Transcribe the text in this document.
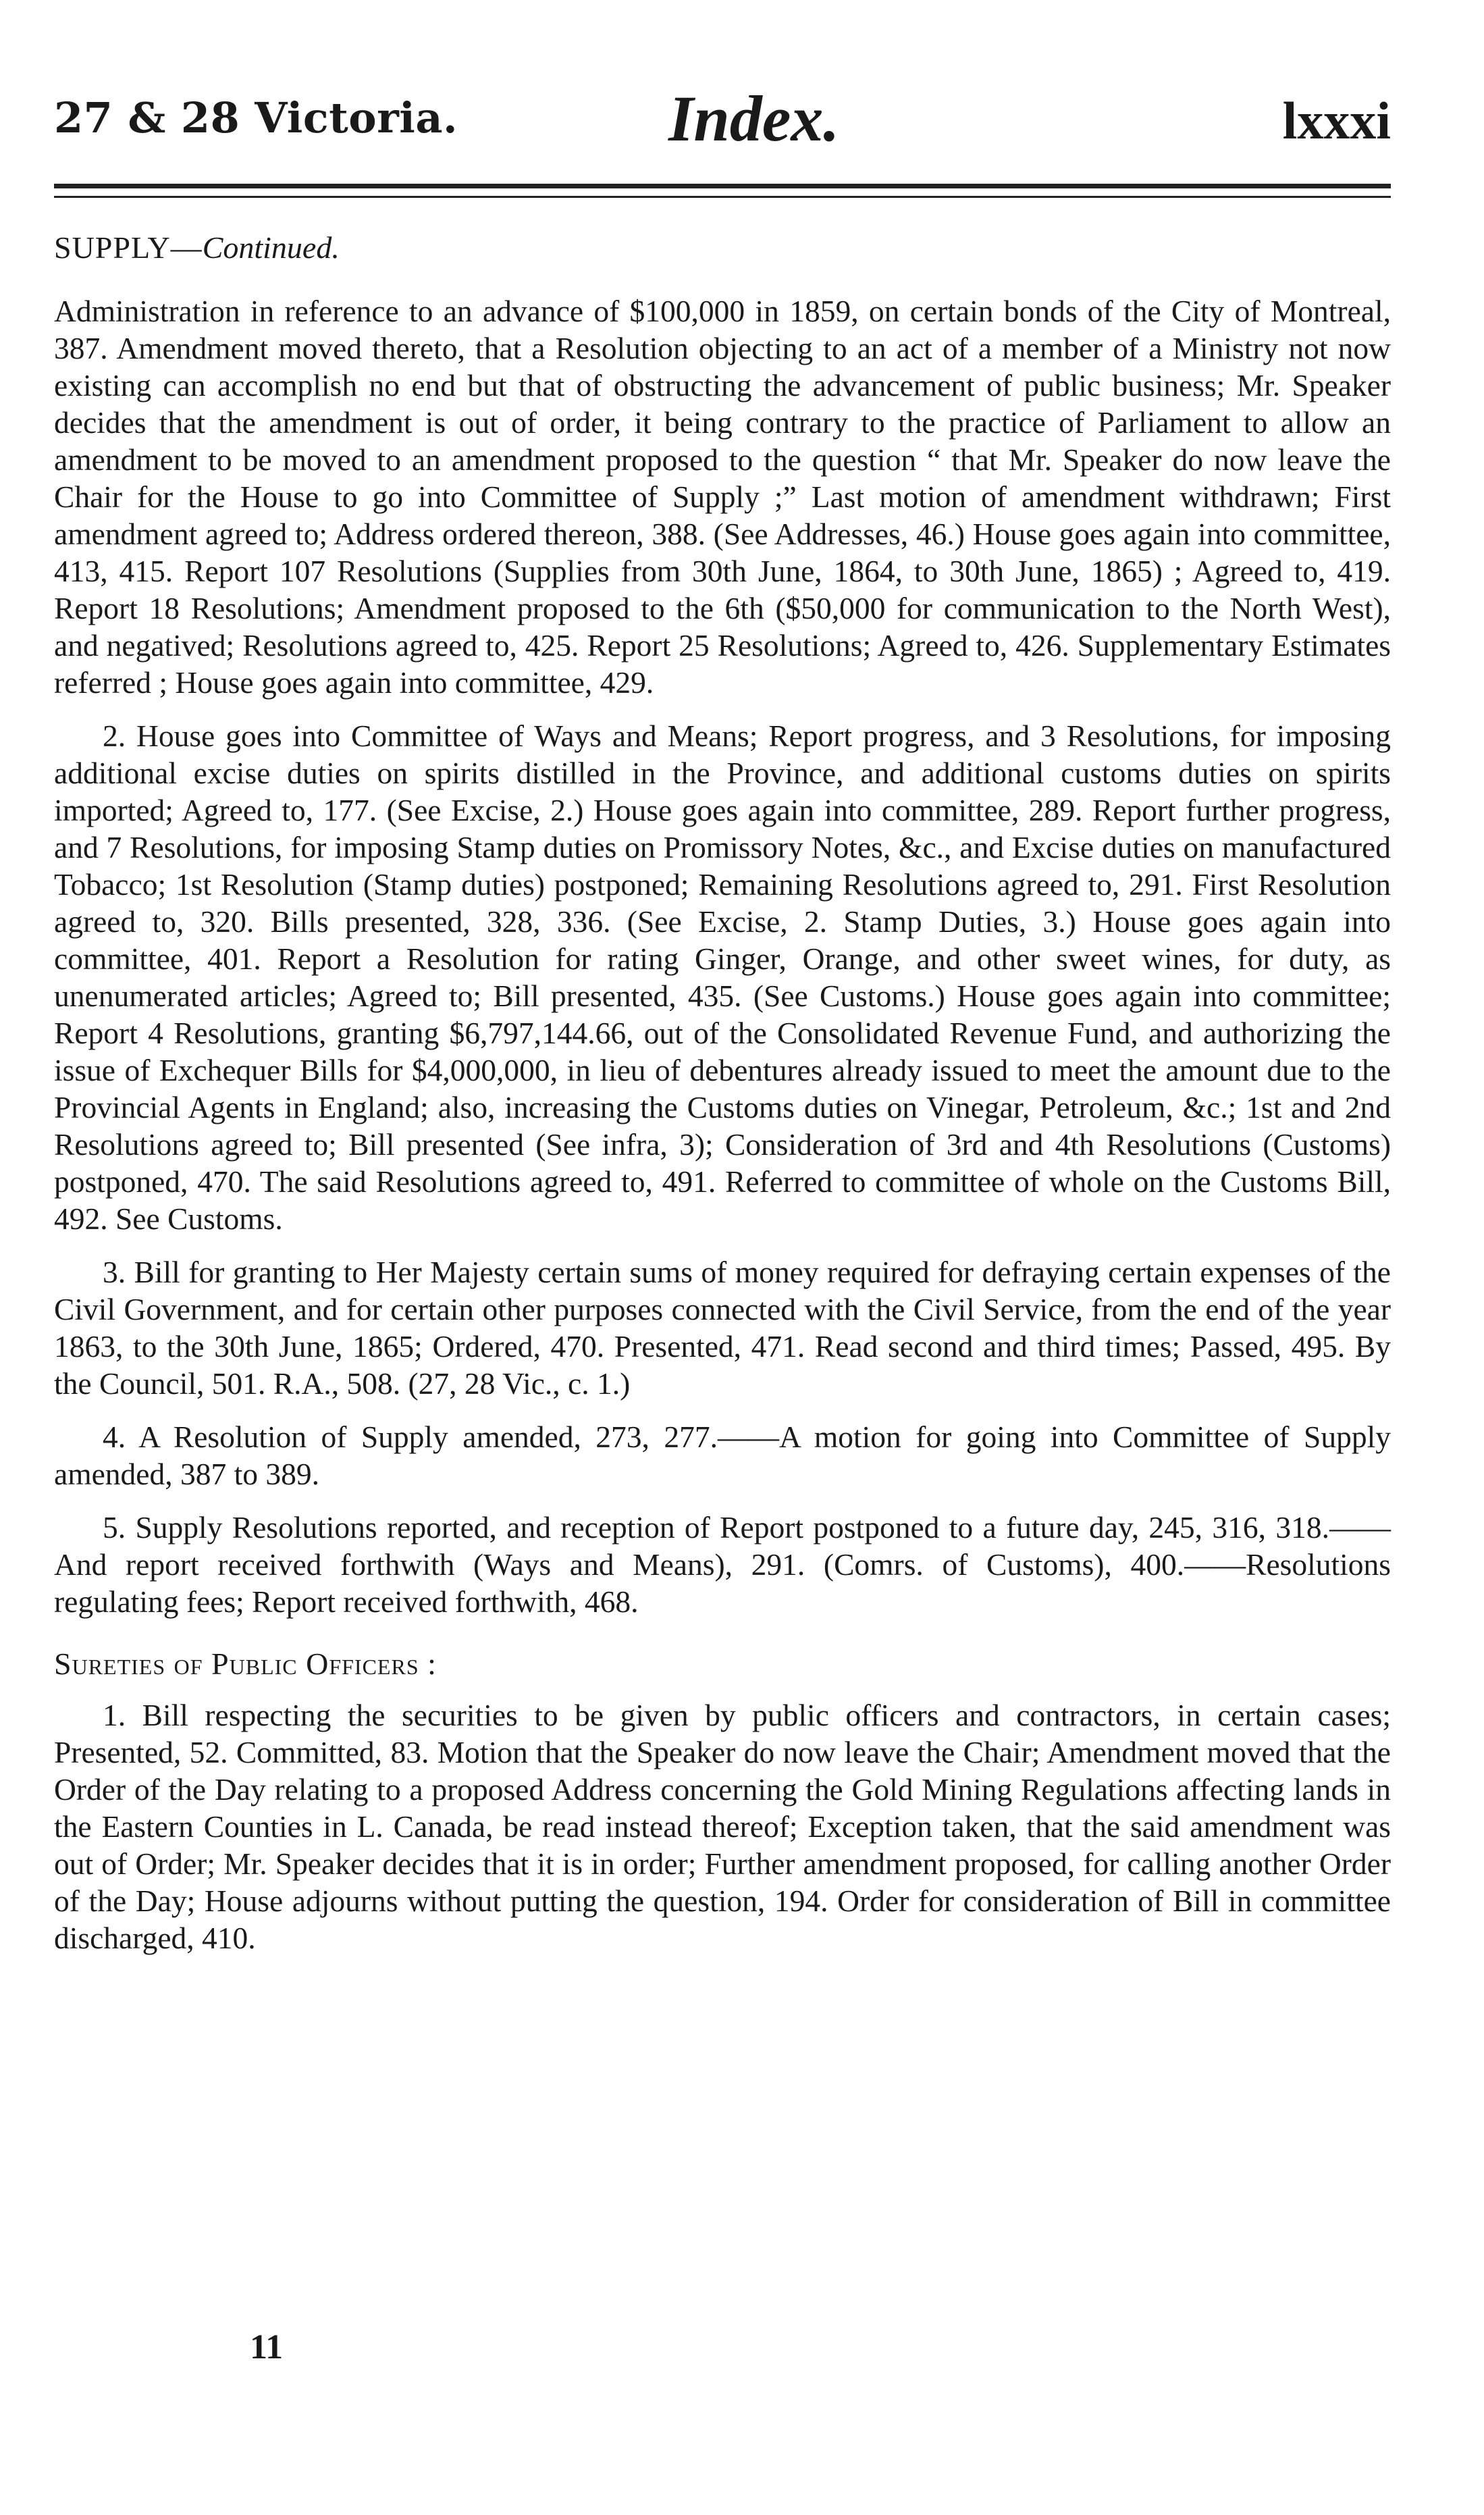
27 & 28 Victoria.	Index.	lxxxi
SUPPLY—Continued.

Administration in reference to an advance of $100,000 in 1859, on certain bonds of the City of Montreal, 387. Amendment moved thereto, that a Resolution objecting to an act of a member of a Ministry not now existing can accomplish no end but that of obstructing the advancement of public business; Mr. Speaker decides that the amendment is out of order, it being contrary to the practice of Parliament to allow an amendment to be moved to an amendment proposed to the question “ that Mr. Speaker do now leave the Chair for the House to go into Committee of Supply ;” Last motion of amendment withdrawn; First amendment agreed to; Address ordered thereon, 388. (See Addresses, 46.) House goes again into committee, 413, 415. Report 107 Resolutions (Supplies from 30th June, 1864, to 30th June, 1865) ; Agreed to, 419. Report 18 Resolutions; Amendment proposed to the 6th ($50,000 for communication to the North West), and negatived; Resolutions agreed to, 425. Report 25 Resolutions; Agreed to, 426. Supplementary Estimates referred ; House goes again into committee, 429.

2. House goes into Committee of Ways and Means; Report progress, and 3 Resolutions, for imposing additional excise duties on spirits distilled in the Province, and additional customs duties on spirits imported; Agreed to, 177. (See Excise, 2.) House goes again into committee, 289. Report further progress, and 7 Resolutions, for imposing Stamp duties on Promissory Notes, &c., and Excise duties on manufactured Tobacco; 1st Resolution (Stamp duties) postponed; Remaining Resolutions agreed to, 291. First Resolution agreed to, 320. Bills presented, 328, 336. (See Excise, 2. Stamp Duties, 3.) House goes again into committee, 401. Report a Resolution for rating Ginger, Orange, and other sweet wines, for duty, as unenumerated articles; Agreed to; Bill presented, 435. (See Customs.) House goes again into committee; Report 4 Resolutions, granting $6,797,144.66, out of the Consolidated Revenue Fund, and authorizing the issue of Exchequer Bills for $4,000,000, in lieu of debentures already issued to meet the amount due to the Provincial Agents in England; also, increasing the Customs duties on Vinegar, Petroleum, &c.; 1st and 2nd Resolutions agreed to; Bill presented (See infra, 3); Consideration of 3rd and 4th Resolutions (Customs) postponed, 470. The said Resolutions agreed to, 491. Referred to committee of whole on the Customs Bill, 492. See Customs.

3. Bill for granting to Her Majesty certain sums of money required for defraying certain expenses of the Civil Government, and for certain other purposes connected with the Civil Service, from the end of the year 1863, to the 30th June, 1865; Ordered, 470. Presented, 471. Read second and third times; Passed, 495. By the Council, 501. R.A., 508. (27, 28 Vic., c. 1.)

4. A Resolution of Supply amended, 273, 277.——A motion for going into Committee of Supply amended, 387 to 389.

5. Supply Resolutions reported, and reception of Report postponed to a future day, 245, 316, 318.——And report received forthwith (Ways and Means), 291. (Comrs. of Customs), 400.——Resolutions regulating fees; Report received forthwith, 468.

Sureties of Public Officers :

1. Bill respecting the securities to be given by public officers and contractors, in certain cases; Presented, 52. Committed, 83. Motion that the Speaker do now leave the Chair; Amendment moved that the Order of the Day relating to a proposed Address concerning the Gold Mining Regulations affecting lands in the Eastern Counties in L. Canada, be read instead thereof; Exception taken, that the said amendment was out of Order; Mr. Speaker decides that it is in order; Further amendment proposed, for calling another Order of the Day; House adjourns without putting the question, 194. Order for consideration of Bill in committee discharged, 410.

11
